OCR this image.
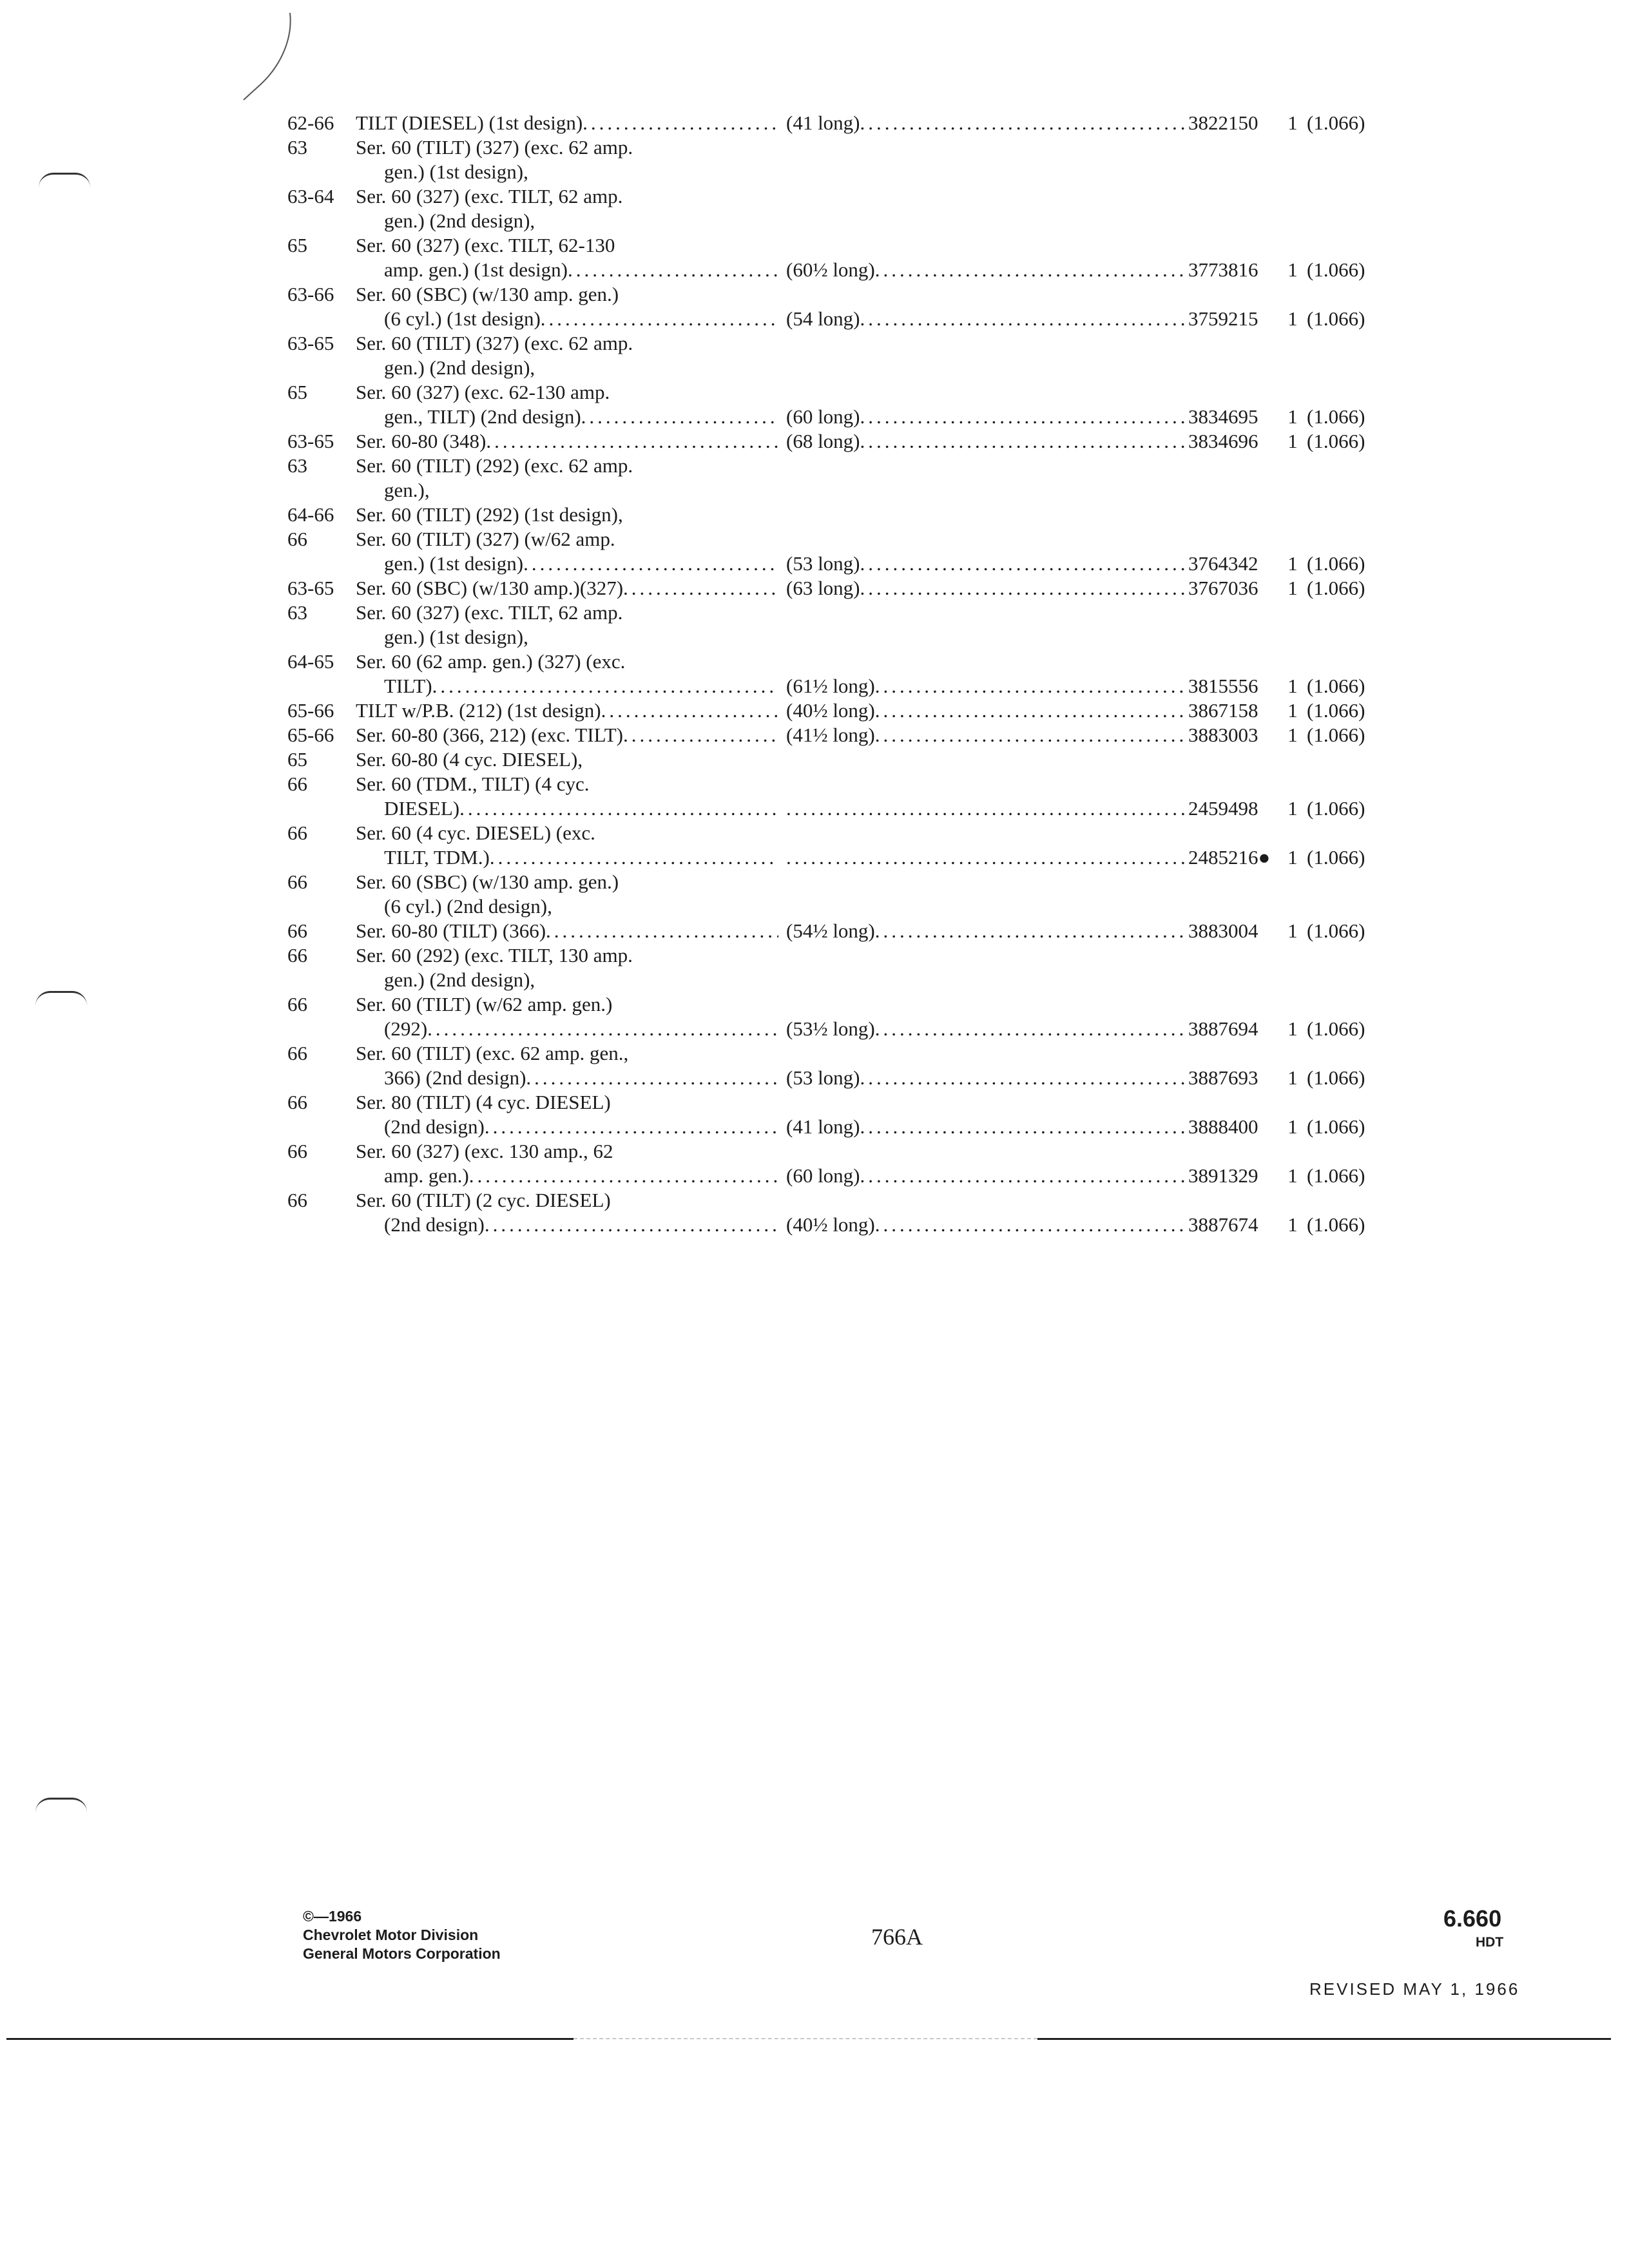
62-66	TILT (DIESEL) (1st design) .....	(41 long) .....	3822150	1 (1.066)
63	Ser. 60 (TILT) (327) (exc. 62 amp.
gen.) (1st design),
63-64	Ser. 60 (327) (exc. TILT, 62 amp.
gen.) (2nd design),
65	Ser. 60 (327) (exc. TILT, 62-130
amp. gen.) (1st design) .....	(60½ long) .....	3773816	1 (1.066)
63-66	Ser. 60 (SBC) (w/130 amp. gen.)
(6 cyl.) (1st design) .....	(54 long) .....	3759215	1 (1.066)
63-65	Ser. 60 (TILT) (327) (exc. 62 amp.
gen.) (2nd design),
65	Ser. 60 (327) (exc. 62-130 amp.
gen., TILT) (2nd design) .....	(60 long) .....	3834695	1 (1.066)
63-65	Ser. 60-80 (348) .....	(68 long) .....	3834696	1 (1.066)
63	Ser. 60 (TILT) (292) (exc. 62 amp.
gen.),
64-66	Ser. 60 (TILT) (292) (1st design),
66	Ser. 60 (TILT) (327) (w/62 amp.
gen.) (1st design) .....	(53 long) .....	3764342	1 (1.066)
63-65	Ser. 60 (SBC) (w/130 amp.)(327) .....	(63 long) .....	3767036	1 (1.066)
63	Ser. 60 (327) (exc. TILT, 62 amp.
gen.) (1st design),
64-65	Ser. 60 (62 amp. gen.) (327) (exc.
TILT) .....	(61½ long) .....	3815556	1 (1.066)
65-66	TILT w/P.B. (212) (1st design) .....	(40½ long) .....	3867158	1 (1.066)
65-66	Ser. 60-80 (366, 212) (exc. TILT) .....	(41½ long) .....	3883003	1 (1.066)
65	Ser. 60-80 (4 cyc. DIESEL),
66	Ser. 60 (TDM., TILT) (4 cyc.
DIESEL) ..... .....	2459498	1 (1.066)
66	Ser. 60 (4 cyc. DIESEL) (exc.
TILT, TDM.) ..... .....	2485216● 1 (1.066)
66	Ser. 60 (SBC) (w/130 amp. gen.)
(6 cyl.) (2nd design),
66	Ser. 60-80 (TILT) (366) .....	(54½ long) .....	3883004	1 (1.066)
66	Ser. 60 (292) (exc. TILT, 130 amp.
gen.) (2nd design),
66	Ser. 60 (TILT) (w/62 amp. gen.)
(292) .....	(53½ long) .....	3887694	1 (1.066)
66	Ser. 60 (TILT) (exc. 62 amp. gen.,
366) (2nd design) .....	(53 long) .....	3887693	1 (1.066)
66	Ser. 80 (TILT) (4 cyc. DIESEL)
(2nd design) .....	(41 long) .....	3888400	1 (1.066)
66	Ser. 60 (327) (exc. 130 amp., 62
amp. gen.) .....	(60 long) .....	3891329	1 (1.066)
66	Ser. 60 (TILT) (2 cyc. DIESEL)
(2nd design) .....	(40½ long) .....	3887674	1 (1.066)
©—1966
Chevrolet Motor Division
General Motors Corporation
766A
6.660
HDT
REVISED MAY 1, 1966
